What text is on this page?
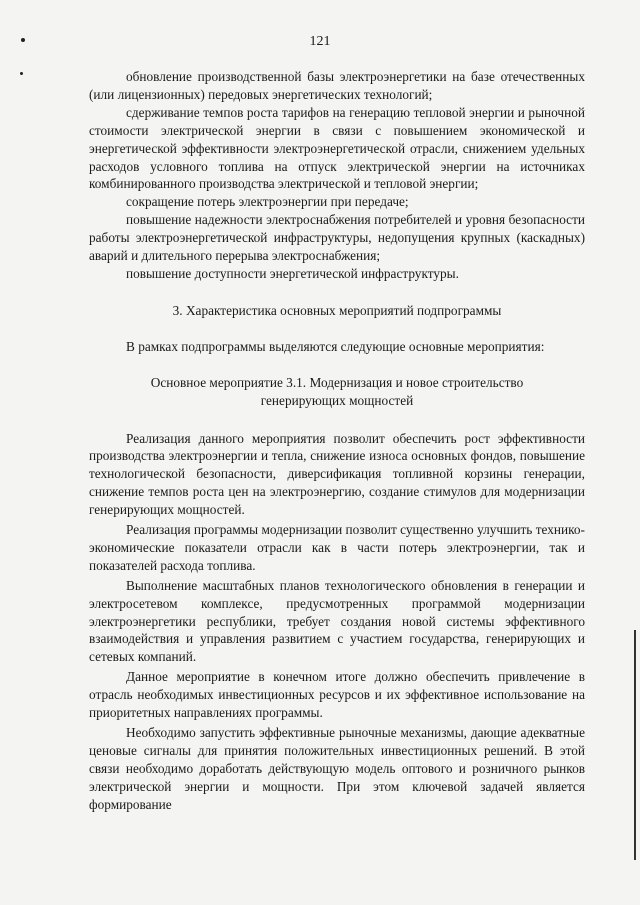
121

обновление производственной базы электроэнергетики на базе отечественных (или лицензионных) передовых энергетических технологий;

сдерживание темпов роста тарифов на генерацию тепловой энергии и рыночной стоимости электрической энергии в связи с повышением экономической и энергетической эффективности электроэнергетической отрасли, снижением удельных расходов условного топлива на отпуск электрической энергии на источниках комбинированного производства электрической и тепловой энергии;

сокращение потерь электроэнергии при передаче;

повышение надежности электроснабжения потребителей и уровня безопасности работы электроэнергетической инфраструктуры, недопущения крупных (каскадных) аварий и длительного перерыва электроснабжения;

повышение доступности энергетической инфраструктуры.

3. Характеристика основных мероприятий подпрограммы

В рамках подпрограммы выделяются следующие основные мероприятия:

Основное мероприятие 3.1. Модернизация и новое строительство

генерирующих мощностей

Реализация данного мероприятия позволит обеспечить рост эффективности производства электроэнергии и тепла, снижение износа основных фондов, повышение технологической безопасности, диверсификация топливной корзины генерации, снижение темпов роста цен на электроэнергию, создание стимулов для модернизации генерирующих мощностей.

Реализация программы модернизации позволит существенно улучшить технико-экономические показатели отрасли как в части потерь электроэнергии, так и показателей расхода топлива.

Выполнение масштабных планов технологического обновления в генерации и электросетевом комплексе, предусмотренных программой модернизации электроэнергетики республики, требует создания новой системы эффективного взаимодействия и управления развитием с участием государства, генерирующих и сетевых компаний.

Данное мероприятие в конечном итоге должно обеспечить привлечение в отрасль необходимых инвестиционных ресурсов и их эффективное использование на приоритетных направлениях программы.

Необходимо запустить эффективные рыночные механизмы, дающие адекватные ценовые сигналы для принятия положительных инвестиционных решений. В этой связи необходимо доработать действующую модель оптового и розничного рынков электрической энергии и мощности. При этом ключевой задачей является формирование
